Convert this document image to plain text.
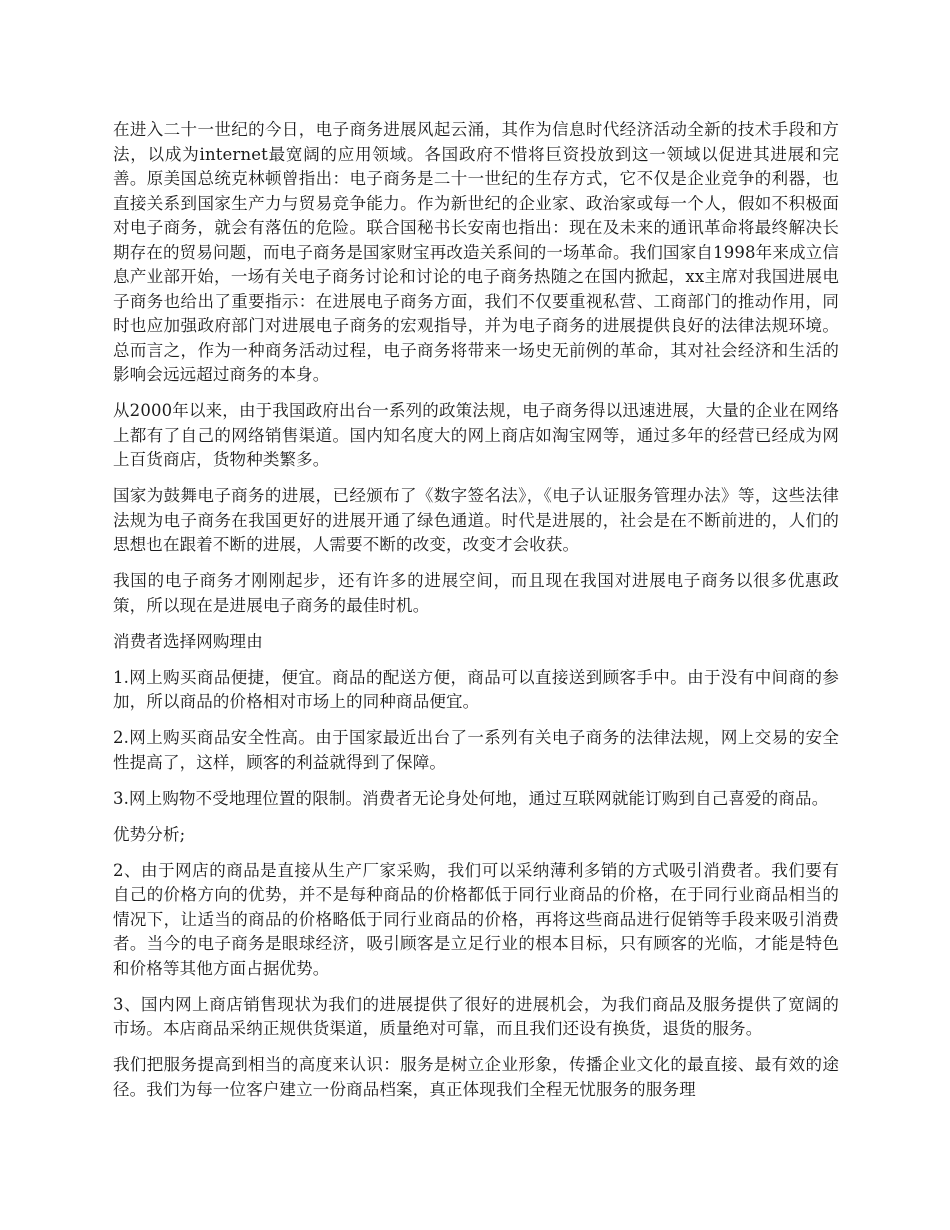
在进入二十一世纪的今日，电子商务进展风起云涌，其作为信息时代经济活动全新的技术手段和方法，以成为internet最宽阔的应用领域。各国政府不惜将巨资投放到这一领域以促进其进展和完善。原美国总统克林顿曾指出：电子商务是二十一世纪的生存方式，它不仅是企业竞争的利器，也直接关系到国家生产力与贸易竞争能力。作为新世纪的企业家、政治家或每一个人，假如不积极面对电子商务，就会有落伍的危险。联合国秘书长安南也指出：现在及未来的通讯革命将最终解决长期存在的贸易问题，而电子商务是国家财宝再改造关系间的一场革命。我们国家自1998年来成立信息产业部开始，一场有关电子商务讨论和讨论的电子商务热随之在国内掀起，xx主席对我国进展电子商务也给出了重要指示：在进展电子商务方面，我们不仅要重视私营、工商部门的推动作用，同时也应加强政府部门对进展电子商务的宏观指导，并为电子商务的进展提供良好的法律法规环境。总而言之，作为一种商务活动过程，电子商务将带来一场史无前例的革命，其对社会经济和生活的影响会远远超过商务的本身。

从2000年以来，由于我国政府出台一系列的政策法规，电子商务得以迅速进展，大量的企业在网络上都有了自己的网络销售渠道。国内知名度大的网上商店如淘宝网等，通过多年的经营已经成为网上百货商店，货物种类繁多。

国家为鼓舞电子商务的进展，已经颁布了《数字签名法》，《电子认证服务管理办法》等，这些法律法规为电子商务在我国更好的进展开通了绿色通道。时代是进展的，社会是在不断前进的，人们的思想也在跟着不断的进展，人需要不断的改变，改变才会收获。

我国的电子商务才刚刚起步，还有许多的进展空间，而且现在我国对进展电子商务以很多优惠政策，所以现在是进展电子商务的最佳时机。

消费者选择网购理由

1.网上购买商品便捷，便宜。商品的配送方便，商品可以直接送到顾客手中。由于没有中间商的参加，所以商品的价格相对市场上的同种商品便宜。

2.网上购买商品安全性高。由于国家最近出台了一系列有关电子商务的法律法规，网上交易的安全性提高了，这样，顾客的利益就得到了保障。

3.网上购物不受地理位置的限制。消费者无论身处何地，通过互联网就能订购到自己喜爱的商品。

优势分析;

2、由于网店的商品是直接从生产厂家采购，我们可以采纳薄利多销的方式吸引消费者。我们要有自己的价格方向的优势，并不是每种商品的价格都低于同行业商品的价格，在于同行业商品相当的情况下，让适当的商品的价格略低于同行业商品的价格，再将这些商品进行促销等手段来吸引消费者。当今的电子商务是眼球经济，吸引顾客是立足行业的根本目标，只有顾客的光临，才能是特色和价格等其他方面占据优势。

3、国内网上商店销售现状为我们的进展提供了很好的进展机会，为我们商品及服务提供了宽阔的市场。本店商品采纳正规供货渠道，质量绝对可靠，而且我们还设有换货，退货的服务。

我们把服务提高到相当的高度来认识：服务是树立企业形象，传播企业文化的最直接、最有效的途径。我们为每一位客户建立一份商品档案，真正体现我们全程无忧服务的服务理
